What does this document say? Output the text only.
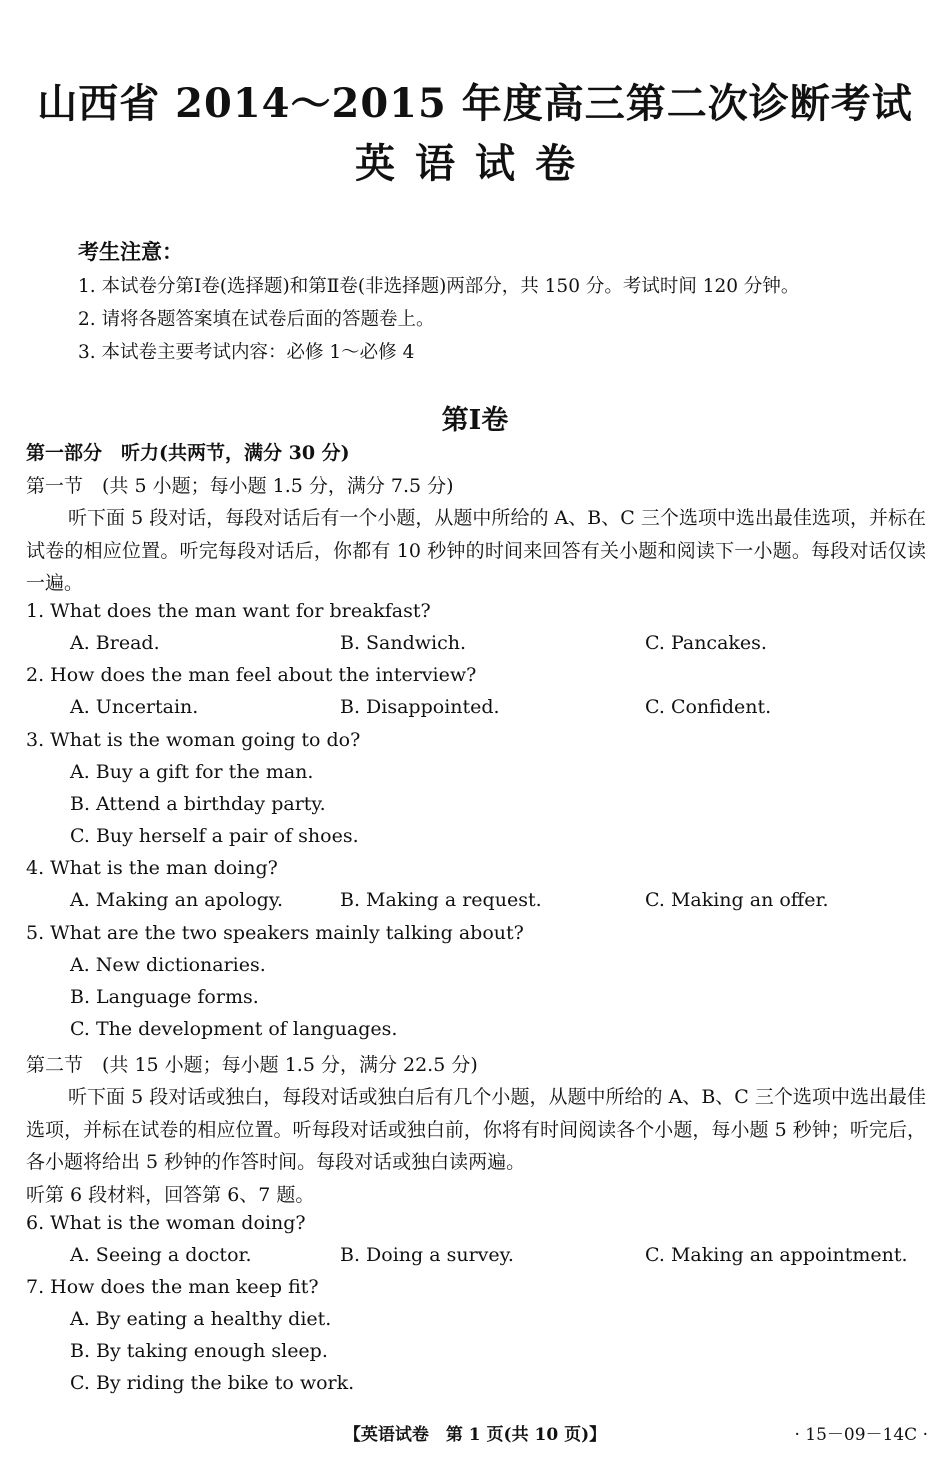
山西省 2014～2015 年度高三第二次诊断考试
英语试卷
考生注意：
1. 本试卷分第Ⅰ卷(选择题)和第Ⅱ卷(非选择题)两部分，共 150 分。考试时间 120 分钟。
2. 请将各题答案填在试卷后面的答题卷上。
3. 本试卷主要考试内容：必修 1～必修 4
第Ⅰ卷
第一部分　听力(共两节，满分 30 分)
第一节　(共 5 小题；每小题 1.5 分，满分 7.5 分)
听下面 5 段对话，每段对话后有一个小题，从题中所给的 A、B、C 三个选项中选出最佳选项，并标在试卷的相应位置。听完每段对话后，你都有 10 秒钟的时间来回答有关小题和阅读下一小题。每段对话仅读一遍。
1. What does the man want for breakfast?
A. Bread.	B. Sandwich.	C. Pancakes.
2. How does the man feel about the interview?
A. Uncertain.	B. Disappointed.	C. Confident.
3. What is the woman going to do?
A. Buy a gift for the man.
B. Attend a birthday party.
C. Buy herself a pair of shoes.
4. What is the man doing?
A. Making an apology.	B. Making a request.	C. Making an offer.
5. What are the two speakers mainly talking about?
A. New dictionaries.
B. Language forms.
C. The development of languages.
第二节　(共 15 小题；每小题 1.5 分，满分 22.5 分)
听下面 5 段对话或独白，每段对话或独白后有几个小题，从题中所给的 A、B、C 三个选项中选出最佳选项，并标在试卷的相应位置。听每段对话或独白前，你将有时间阅读各个小题，每小题 5 秒钟；听完后，各小题将给出 5 秒钟的作答时间。每段对话或独白读两遍。
听第 6 段材料，回答第 6、7 题。
6. What is the woman doing?
A. Seeing a doctor.	B. Doing a survey.	C. Making an appointment.
7. How does the man keep fit?
A. By eating a healthy diet.
B. By taking enough sleep.
C. By riding the bike to work.
【英语试卷　第 1 页(共 10 页)】	· 15－09－14C ·
